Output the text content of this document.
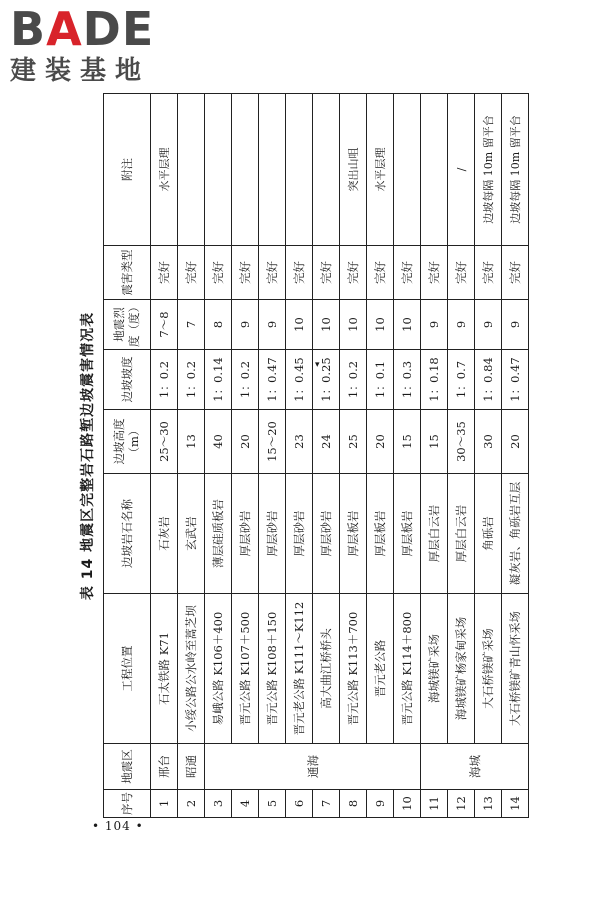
BADE
建装基地
▾
• 104 •
表 14 地震区完整岩石路堑边坡震害情况表
序号	地震区	工程位置	边坡岩石名称	边坡高度（m）	边坡坡度	地震烈度（度）	震害类型	附注
1	邢台	石太铁路 K71	石灰岩	25～30	1：0.2	7～8	完好	水平层理
2	昭通	小绥公路公水岭至蒿芝坝	玄武岩	13	1：0.2	7	完好	
3	通海	易峨公路 K106＋400	薄层硅质板岩	40	1：0.14	8	完好	
4		晋元公路 K107＋500	厚层砂岩	20	1：0.2	9	完好	
5		晋元公路 K108＋150	厚层砂岩	15～20	1：0.47	9	完好	
6		晋元老公路 K111～K112	厚层砂岩	23	1：0.45	10	完好	
7		高大曲江桥桥头	厚层砂岩	24	1：0.25	10	完好	
8		晋元公路 K113＋700	厚层板岩	25	1：0.2	10	完好	突出山咀
9		晋元老公路	厚层板岩	20	1：0.1	10	完好	水平层理
10		晋元公路 K114＋800	厚层板岩	15	1：0.3	10	完好	
11	海城	海城镁矿采场	厚层白云岩	15	1：0.18	9	完好	
12		海城镁矿杨家甸采场	厚层白云岩	30～35	1：0.7	9	完好	/
13		大石桥镁矿采场	角砾岩	30	1：0.84	9	完好	边坡每隔 10m 留平台
14		大石桥镁矿青山怀采场	凝灰岩、角砾岩互层	20	1：0.47	9	完好	边坡每隔 10m 留平台
